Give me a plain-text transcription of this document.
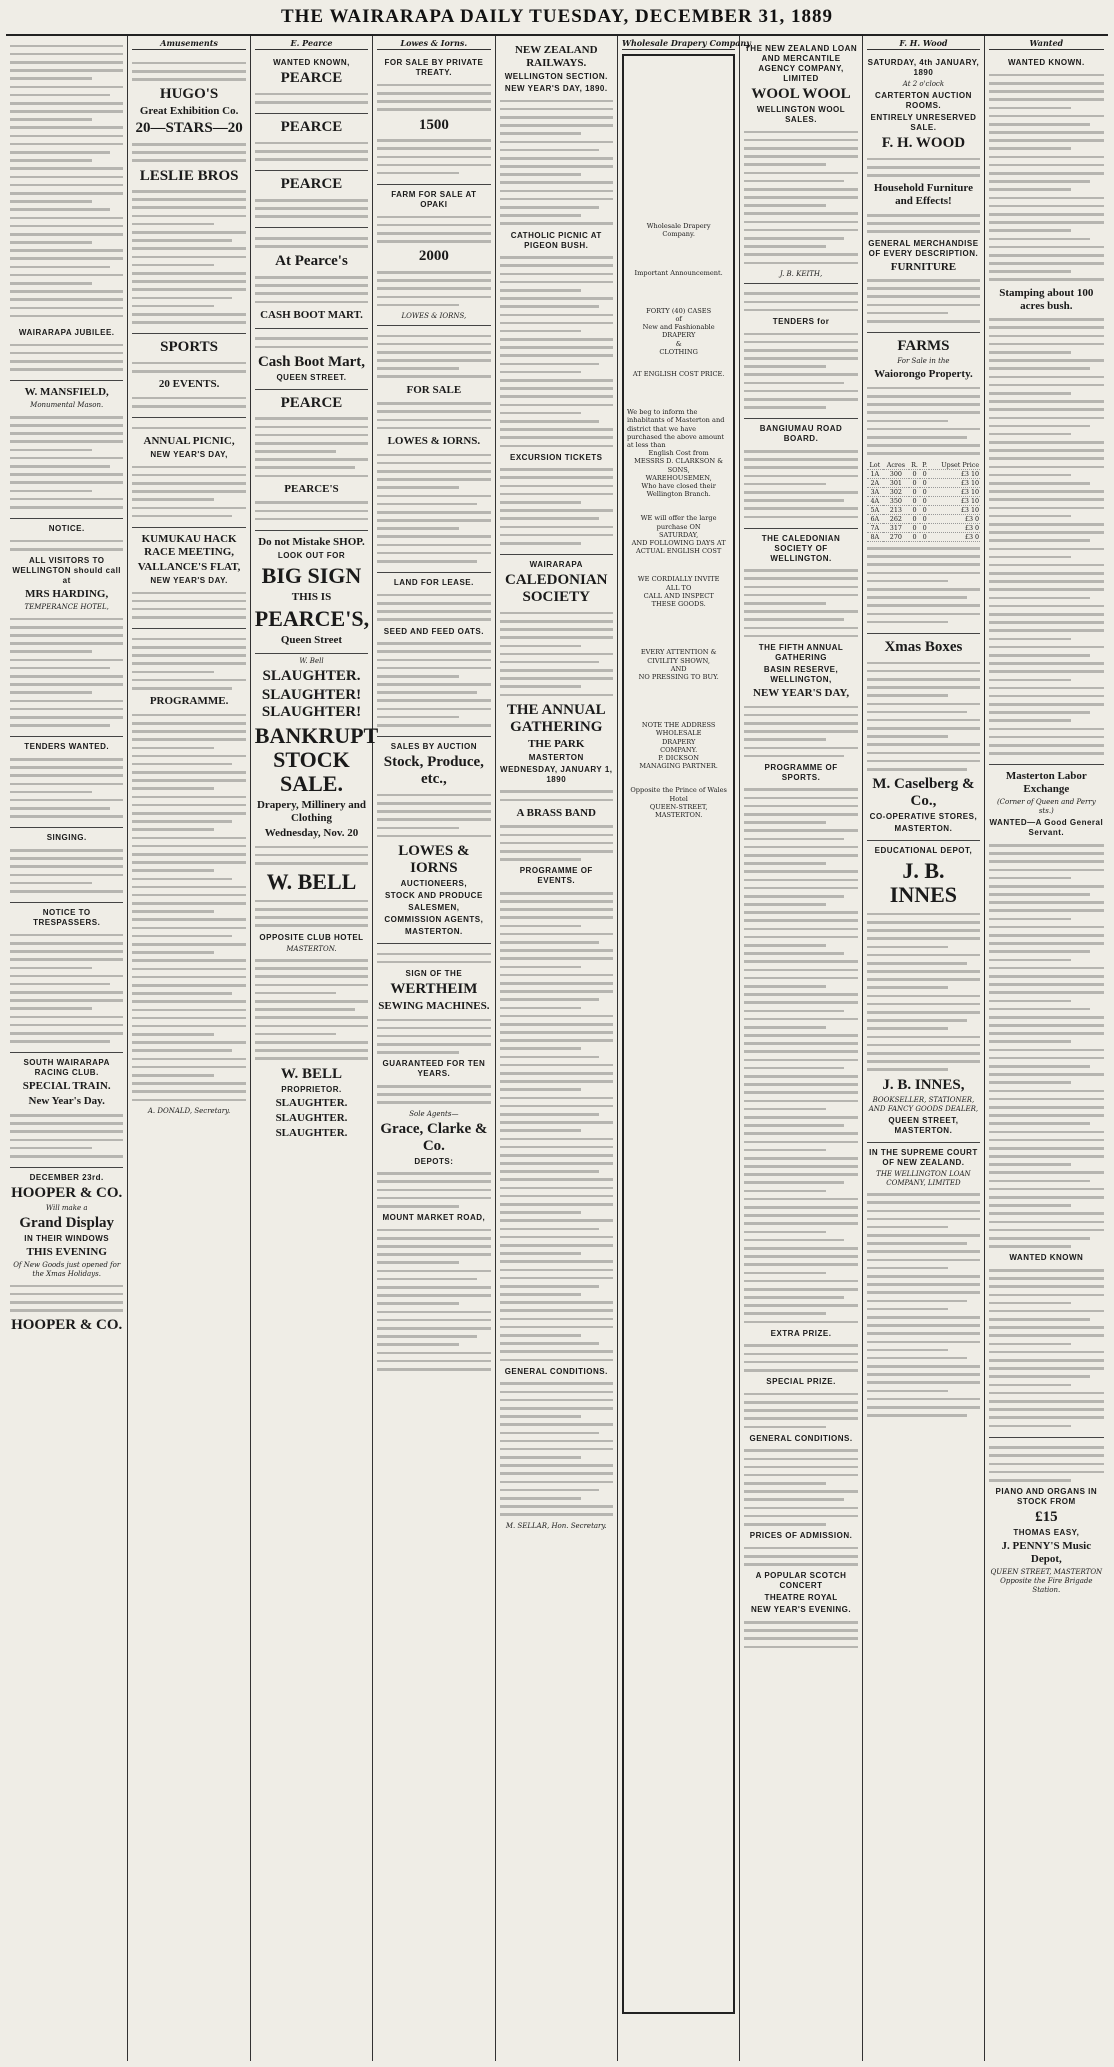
THE WAIRARAPA DAILY TUESDAY, DECEMBER 31, 1889
WAIRARAPA JUBILEE.
W. MANSFIELD,
Monumental Mason.
NOTICE.
ALL VISITORS TO WELLINGTON should call at
MRS HARDING,
TEMPERANCE HOTEL,
TENDERS WANTED.
SINGING.
NOTICE TO TRESPASSERS.
SOUTH WAIRARAPA RACING CLUB.
SPECIAL TRAIN.
New Year's Day.
DECEMBER 23rd.
HOOPER & CO.
Will make a
Grand Display
IN THEIR WINDOWS
THIS EVENING
Of New Goods just opened for the Xmas Holidays.
HOOPER & CO.
Amusements
HUGO'S
Great Exhibition Co.
20—STARS—20
LESLIE BROS
SPORTS
20 EVENTS.
ANNUAL PICNIC,
NEW YEAR'S DAY,
KUMUKAU HACK RACE MEETING,
VALLANCE'S FLAT,
NEW YEAR'S DAY.
PROGRAMME.
A. DONALD, Secretary.
E. Pearce
WANTED KNOWN,
PEARCE
PEARCE
PEARCE
At Pearce's
CASH BOOT MART.
Cash Boot Mart,
QUEEN STREET.
PEARCE
PEARCE'S
Do not Mistake SHOP.
LOOK OUT FOR
BIG SIGN
THIS IS
PEARCE'S,
Queen Street
W. Bell
SLAUGHTER.
SLAUGHTER! SLAUGHTER!
BANKRUPT STOCK SALE.
Drapery, Millinery and Clothing
Wednesday, Nov. 20
W. BELL
OPPOSITE CLUB HOTEL
MASTERTON.
W. BELL
PROPRIETOR.
SLAUGHTER.
SLAUGHTER.
SLAUGHTER.
Lowes & Iorns.
FOR SALE BY PRIVATE TREATY.
1500
FARM FOR SALE AT OPAKI
2000
LOWES & IORNS,
FOR SALE
LOWES & IORNS.
LAND FOR LEASE.
SEED AND FEED OATS.
SALES BY AUCTION
Stock, Produce, etc.,
LOWES & IORNS
AUCTIONEERS,
STOCK AND PRODUCE
SALESMEN,
COMMISSION AGENTS,
MASTERTON.
SIGN OF THE
WERTHEIM
SEWING MACHINES.
GUARANTEED FOR TEN YEARS.
Sole Agents—
Grace, Clarke & Co.
DEPOTS:
MOUNT MARKET ROAD,
NEW ZEALAND RAILWAYS.
WELLINGTON SECTION.
NEW YEAR'S DAY, 1890.
CATHOLIC PICNIC AT PIGEON BUSH.
EXCURSION TICKETS
WAIRARAPA
CALEDONIAN SOCIETY
THE ANNUAL GATHERING
THE PARK
MASTERTON
WEDNESDAY, JANUARY 1, 1890
A BRASS BAND
PROGRAMME OF EVENTS.
GENERAL CONDITIONS.
M. SELLAR, Hon. Secretary.
Wholesale Drapery Company
Wholesale Drapery
Company.
Important Announcement.
FORTY (40) CASES
of
New and Fashionable
DRAPERY
&
CLOTHING
AT ENGLISH COST PRICE.
We beg to inform the inhabitants of Masterton and district that we have purchased the above amount at less than
English Cost from
MESSRS D. CLARKSON & SONS,
WAREHOUSEMEN,
Who have closed their Wellington Branch.
WE will offer the large purchase ON
SATURDAY,
AND FOLLOWING DAYS AT
ACTUAL ENGLISH COST
WE CORDIALLY INVITE
ALL TO
CALL AND INSPECT
THESE GOODS.
EVERY ATTENTION &
CIVILITY SHOWN,
AND
NO PRESSING TO BUY.
NOTE THE ADDRESS
WHOLESALE
DRAPERY
COMPANY.
P. DICKSON
MANAGING PARTNER.
Opposite the Prince of Wales Hotel
QUEEN-STREET,
MASTERTON.
THE NEW ZEALAND LOAN AND MERCANTILE AGENCY COMPANY, LIMITED
WOOL WOOL
WELLINGTON WOOL SALES.
J. B. KEITH,
TENDERS for
BANGIUMAU ROAD BOARD.
THE CALEDONIAN SOCIETY OF WELLINGTON.
THE FIFTH ANNUAL GATHERING
BASIN RESERVE, WELLINGTON,
NEW YEAR'S DAY,
PROGRAMME OF SPORTS.
EXTRA PRIZE.
SPECIAL PRIZE.
GENERAL CONDITIONS.
PRICES OF ADMISSION.
A POPULAR SCOTCH CONCERT
THEATRE ROYAL
NEW YEAR'S EVENING.
F. H. Wood
SATURDAY, 4th JANUARY, 1890
At 2 o'clock
CARTERTON AUCTION ROOMS.
ENTIRELY UNRESERVED SALE.
F. H. WOOD
Household Furniture and Effects!
GENERAL MERCHANDISE OF EVERY DESCRIPTION.
FURNITURE
FARMS
For Sale in the
Waiorongo Property.
Lot	Acres	R.	P.	Upset Price
1A	300	0	0	£3 10
2A	301	0	0	£3 10
3A	302	0	0	£3 10
4A	350	0	0	£3 10
5A	213	0	0	£3 10
6A	262	0	0	£3 0
7A	317	0	0	£3 0
8A	270	0	0	£3 0
Xmas Boxes
M. Caselberg & Co.,
CO-OPERATIVE STORES,
MASTERTON.
EDUCATIONAL DEPOT,
J. B. INNES
J. B. INNES,
BOOKSELLER, STATIONER, AND FANCY GOODS DEALER,
QUEEN STREET, MASTERTON.
IN THE SUPREME COURT OF NEW ZEALAND.
THE WELLINGTON LOAN COMPANY, LIMITED
Wanted
WANTED KNOWN.
Stamping about 100 acres bush.
Masterton Labor Exchange
(Corner of Queen and Perry sts.)
WANTED—A Good General Servant.
WANTED KNOWN
PIANO AND ORGANS IN STOCK FROM
£15
THOMAS EASY,
J. PENNY'S Music Depot,
QUEEN STREET, MASTERTON
Opposite the Fire Brigade Station.
